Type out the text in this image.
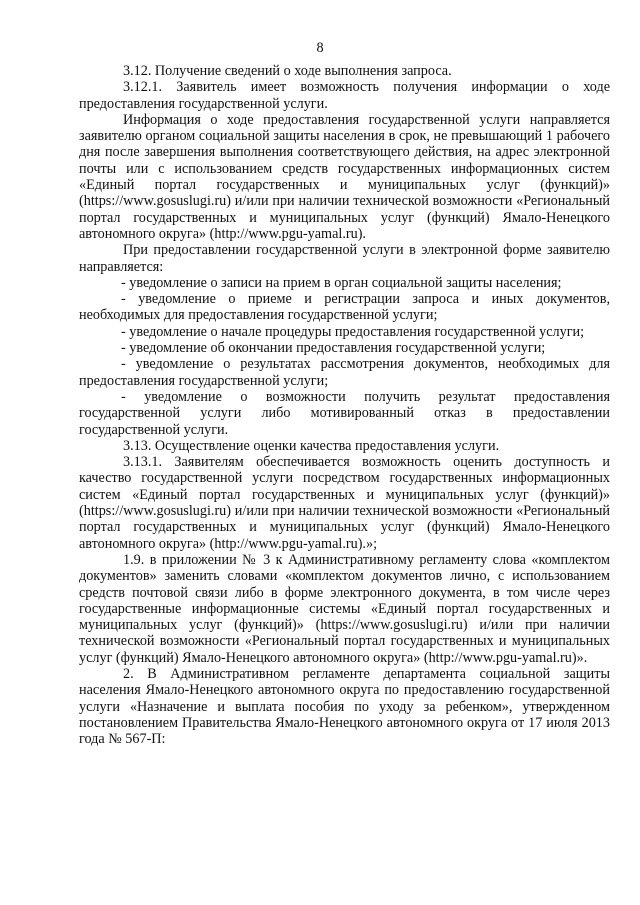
8

3.12. Получение сведений о ходе выполнения запроса.

3.12.1. Заявитель имеет возможность получения информации о ходе предоставления государственной услуги.

Информация о ходе предоставления государственной услуги направляется заявителю органом социальной защиты населения в срок, не превышающий 1 рабочего дня после завершения выполнения соответствующего действия, на адрес электронной почты или с использованием средств государственных информационных систем «Единый портал государственных и муниципальных услуг (функций)» (https://www.gosuslugi.ru) и/или при наличии технической возможности «Региональный портал государственных и муниципальных услуг (функций) Ямало-Ненецкого автономного округа» (http://www.pgu-yamal.ru).

При предоставлении государственной услуги в электронной форме заявителю направляется:

- уведомление о записи на прием в орган социальной защиты населения;

- уведомление о приеме и регистрации запроса и иных документов, необходимых для предоставления государственной услуги;

- уведомление о начале процедуры предоставления государственной услуги;

- уведомление об окончании предоставления государственной услуги;

- уведомление о результатах рассмотрения документов, необходимых для предоставления государственной услуги;

- уведомление о возможности получить результат предоставления государственной услуги либо мотивированный отказ в предоставлении государственной услуги.

3.13. Осуществление оценки качества предоставления услуги.

3.13.1. Заявителям обеспечивается возможность оценить доступность и качество государственной услуги посредством государственных информационных систем «Единый портал государственных и муниципальных услуг (функций)» (https://www.gosuslugi.ru) и/или при наличии технической возможности «Региональный портал государственных и муниципальных услуг (функций) Ямало-Ненецкого автономного округа» (http://www.pgu-yamal.ru).»;

1.9. в приложении № 3 к Административному регламенту слова «комплектом документов» заменить словами «комплектом документов лично, с использованием средств почтовой связи либо в форме электронного документа, в том числе через государственные информационные системы «Единый портал государственных и муниципальных услуг (функций)» (https://www.gosuslugi.ru) и/или при наличии технической возможности «Региональный портал государственных и муниципальных услуг (функций) Ямало-Ненецкого автономного округа» (http://www.pgu-yamal.ru)».

2. В Административном регламенте департамента социальной защиты населения Ямало-Ненецкого автономного округа по предоставлению государственной услуги «Назначение и выплата пособия по уходу за ребенком», утвержденном постановлением Правительства Ямало-Ненецкого автономного округа от 17 июля 2013 года № 567-П:
